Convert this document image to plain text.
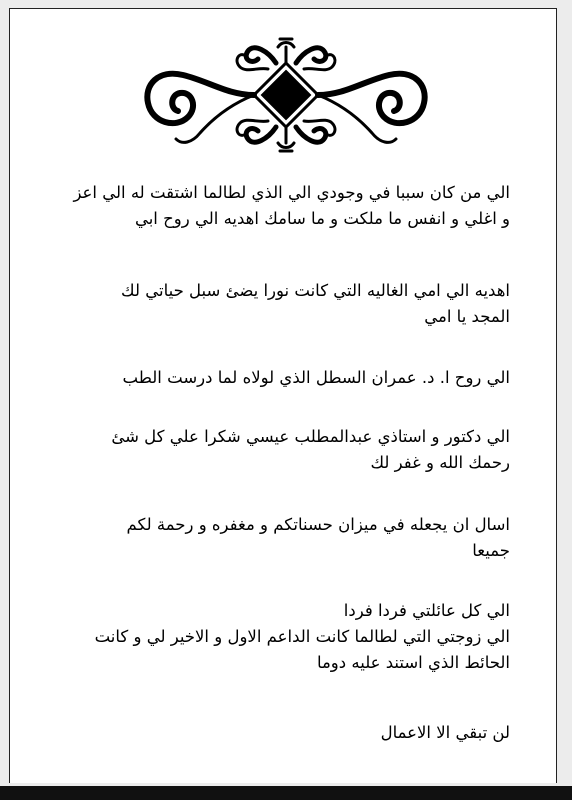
الي من كان سببا في وجودي الي الذي لطالما اشتقت له الي اعز
و اغلي و انفس ما ملكت و ما سامك اهديه الي روح ابي
اهديه الي امي الغاليه التي كانت نورا يضئ سبل حياتي لك
المجد يا امي
الي روح ا. د. عمران السطل الذي لولاه لما درست الطب
الي دكتور و استاذي عبدالمطلب عيسي شكرا علي كل شئ
رحمك الله و غفر لك
اسال ان يجعله في ميزان حسناتكم و مغفره و رحمة لكم
جميعا
الي كل عائلتي فردا فردا
الي زوجتي التي لطالما كانت الداعم الاول و الاخير لي و كانت
الحائط الذي استند عليه دوما
لن تبقي الا الاعمال
